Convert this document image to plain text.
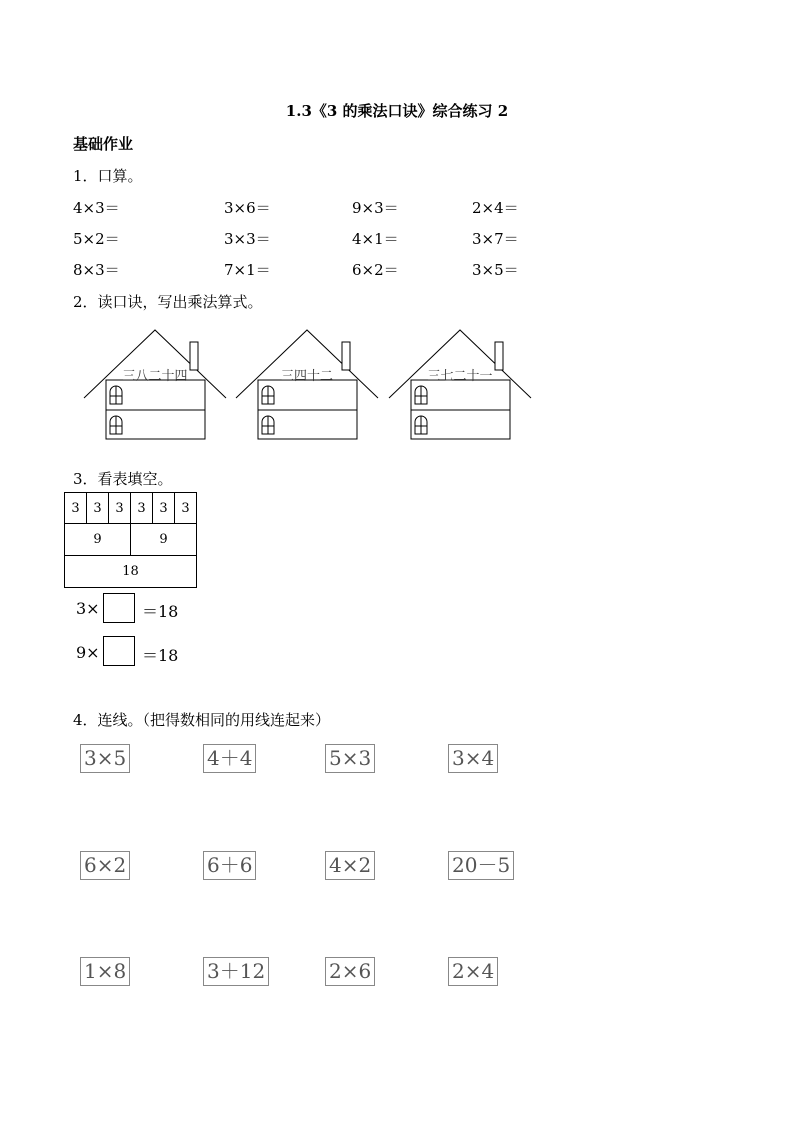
1.3《3 的乘法口诀》综合练习 2
基础作业
1．口算。
4×3＝	3×6＝	9×3＝	2×4＝
5×2＝	3×3＝	4×1＝	3×7＝
8×3＝	7×1＝	6×2＝	3×5＝
2．读口诀，写出乘法算式。
三八二十四	三四十二	三七二十一
3．看表填空。
3	3	3	3	3	3
9			9		
18					
3×	＝18
9×	＝18
4．连线。（把得数相同的用线连起来）
3×5	4＋4	5×3	3×4
6×2	6＋6	4×2	20－5
1×8	3＋12	2×6	2×4
